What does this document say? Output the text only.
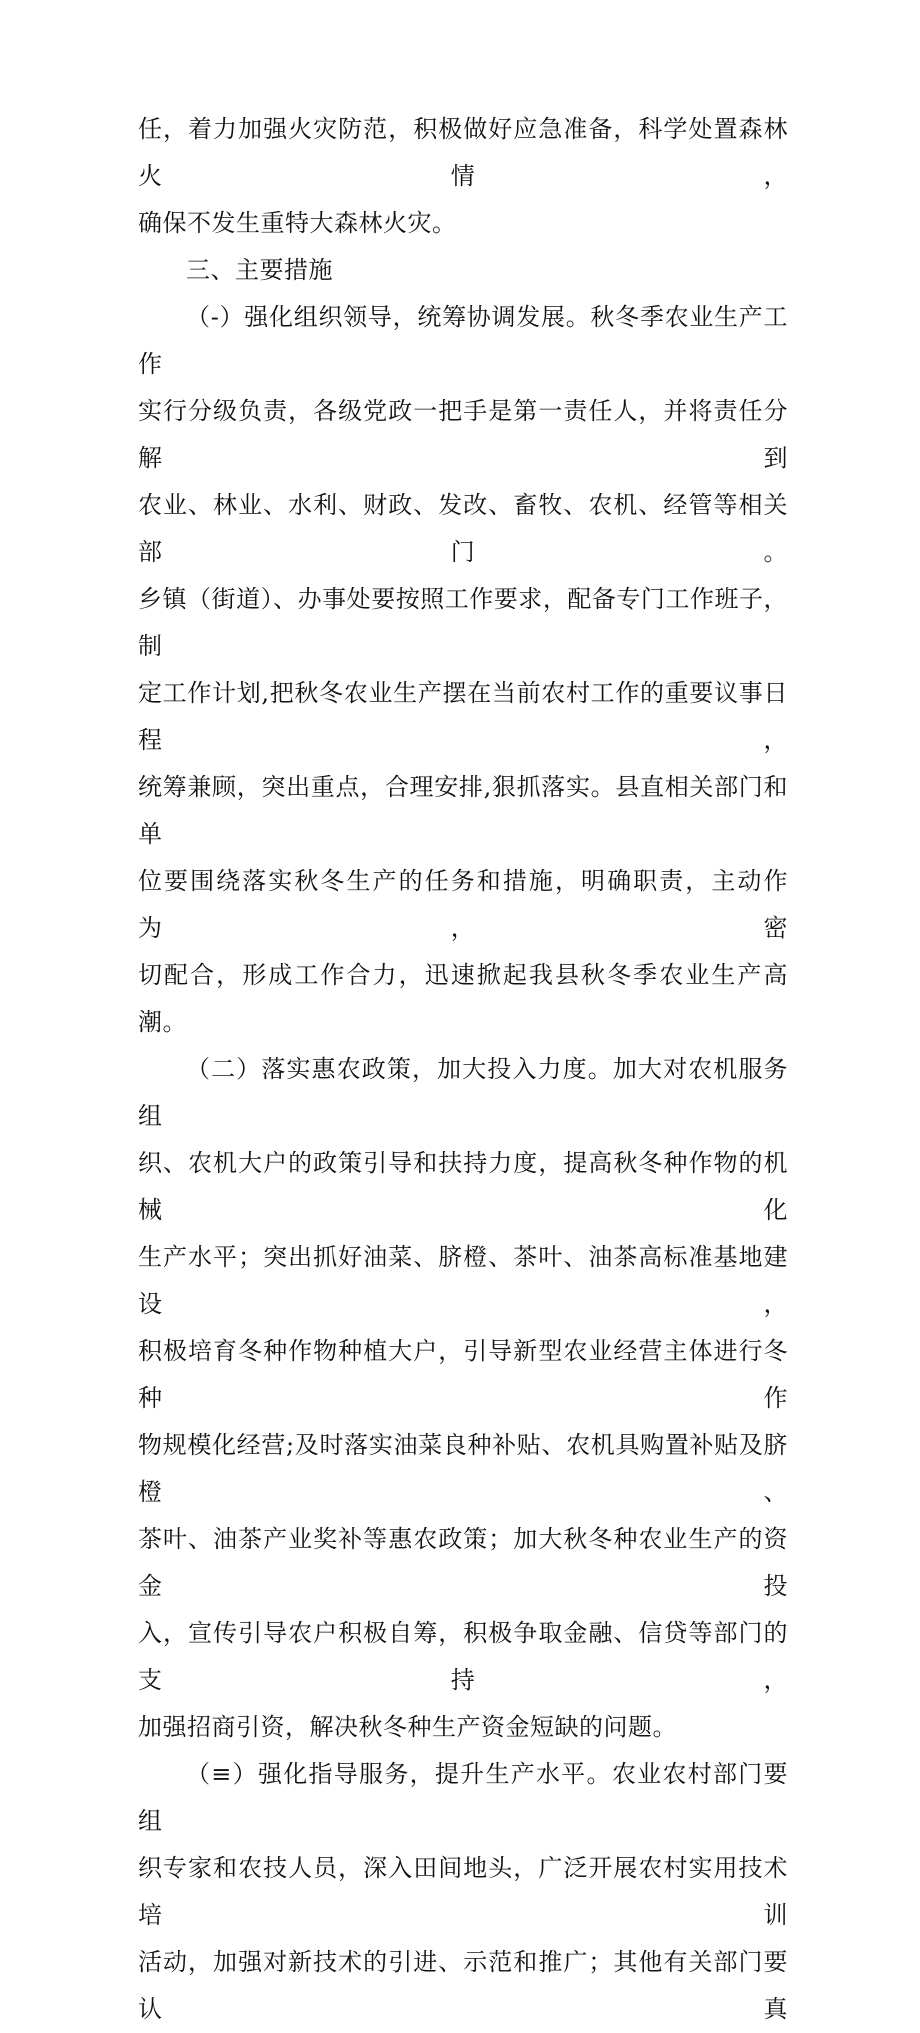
任，着力加强火灾防范，积极做好应急准备，科学处置森林火情，

确保不发生重特大森林火灾。

三、主要措施

（-）强化组织领导，统筹协调发展。秋冬季农业生产工作

实行分级负责，各级党政一把手是第一责任人，并将责任分解到

农业、林业、水利、财政、发改、畜牧、农机、经管等相关部门。

乡镇（街道）、办事处要按照工作要求，配备专门工作班子，制

定工作计划,把秋冬农业生产摆在当前农村工作的重要议事日程，

统筹兼顾，突出重点，合理安排,狠抓落实。县直相关部门和单

位要围绕落实秋冬生产的任务和措施，明确职责，主动作为，密

切配合，形成工作合力，迅速掀起我县秋冬季农业生产高潮。

（二）落实惠农政策，加大投入力度。加大对农机服务组

织、农机大户的政策引导和扶持力度，提高秋冬种作物的机械化

生产水平；突出抓好油菜、脐橙、茶叶、油茶高标准基地建设，

积极培育冬种作物种植大户，引导新型农业经营主体进行冬种作

物规模化经营;及时落实油菜良种补贴、农机具购置补贴及脐橙、

茶叶、油茶产业奖补等惠农政策；加大秋冬种农业生产的资金投

入，宣传引导农户积极自筹，积极争取金融、信贷等部门的支持，

加强招商引资，解决秋冬种生产资金短缺的问题。

（≡）强化指导服务，提升生产水平。农业农村部门要组

织专家和农技人员，深入田间地头，广泛开展农村实用技术培训

活动，加强对新技术的引进、示范和推广；其他有关部门要认真
